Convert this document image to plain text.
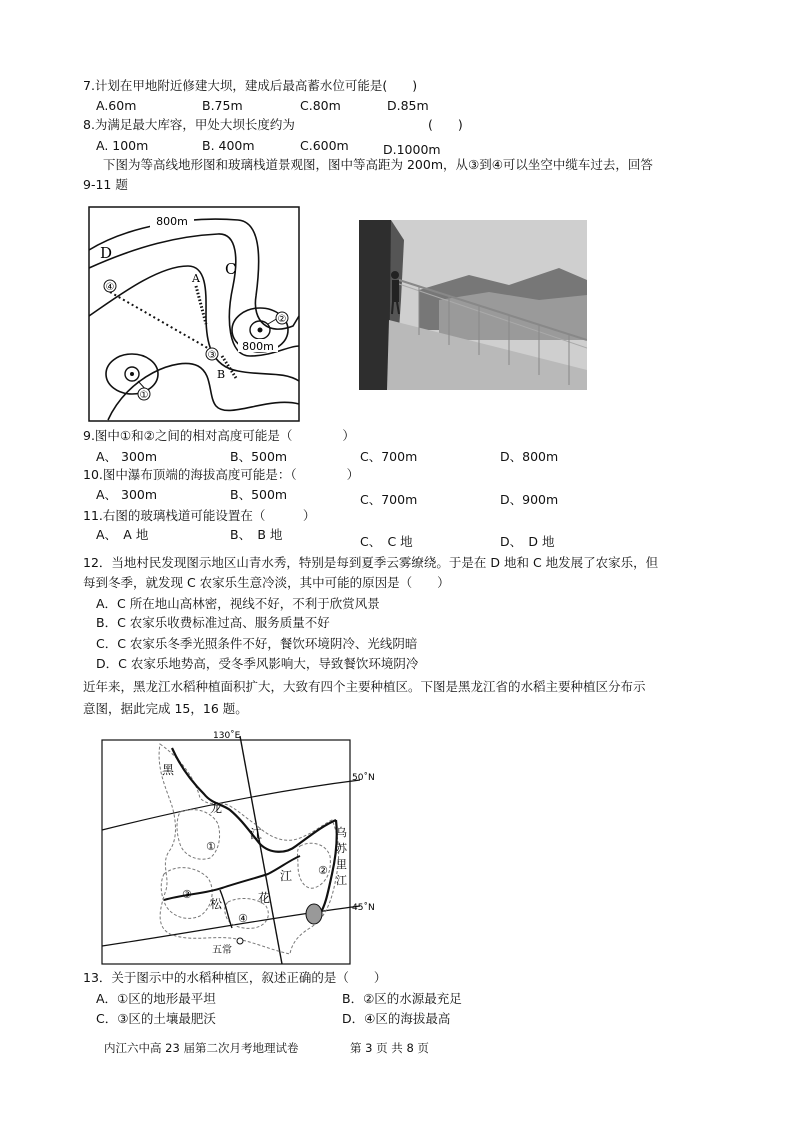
7.计划在甲地附近修建大坝，建成后最高蓄水位可能是(　　)
A.60m	B.75m	C.80m	D.85m
8.为满足最大库容，甲处大坝长度约为	(　　)
A. 100m	B. 400m	C.600m	D.1000m
下图为等高线地形图和玻璃栈道景观图，图中等高距为 200m，从③到④可以坐空中缆车过去，回答
9-11 题
④
③
①
②
800m
800m
D
C
A
B
9.图中①和②之间的相对高度可能是（　　　　）
A、 300m	B、500m	C、700m	D、800m
10.图中瀑布顶端的海拔高度可能是：（　　　　）
A、 300m	B、500m	C、700m	D、900m
11.右图的玻璃栈道可能设置在（　　　）
A、　A 地	B、　B 地	C、　C 地	D、　D 地
12．当地村民发现图示地区山青水秀，特别是每到夏季云雾缭绕。于是在 D 地和 C 地发展了农家乐，但
每到冬季，就发现 C 农家乐生意冷淡，其中可能的原因是（　　）
A．C 所在地山高林密，视线不好，不利于欣赏风景
B．C 农家乐收费标准过高、服务质量不好
C．C 农家乐冬季光照条件不好，餐饮环境阴冷、光线阴暗
D．C 农家乐地势高，受冬季风影响大，导致餐饮环境阴冷
近年来，黑龙江水稻种植面积扩大，大致有四个主要种植区。下图是黑龙江省的水稻主要种植区分布示
意图，据此完成 15，16 题。
130˚E
50˚N
45˚N
黑
龙
江	乌
苏
里
江
江
花
松
①
②
③
④
五常
13．关于图示中的水稻种植区，叙述正确的是（　　）
A．①区的地形最平坦	B．②区的水源最充足
C．③区的土壤最肥沃	D．④区的海拔最高
内江六中高 23 届第二次月考地理试卷	第 3 页 共 8 页
